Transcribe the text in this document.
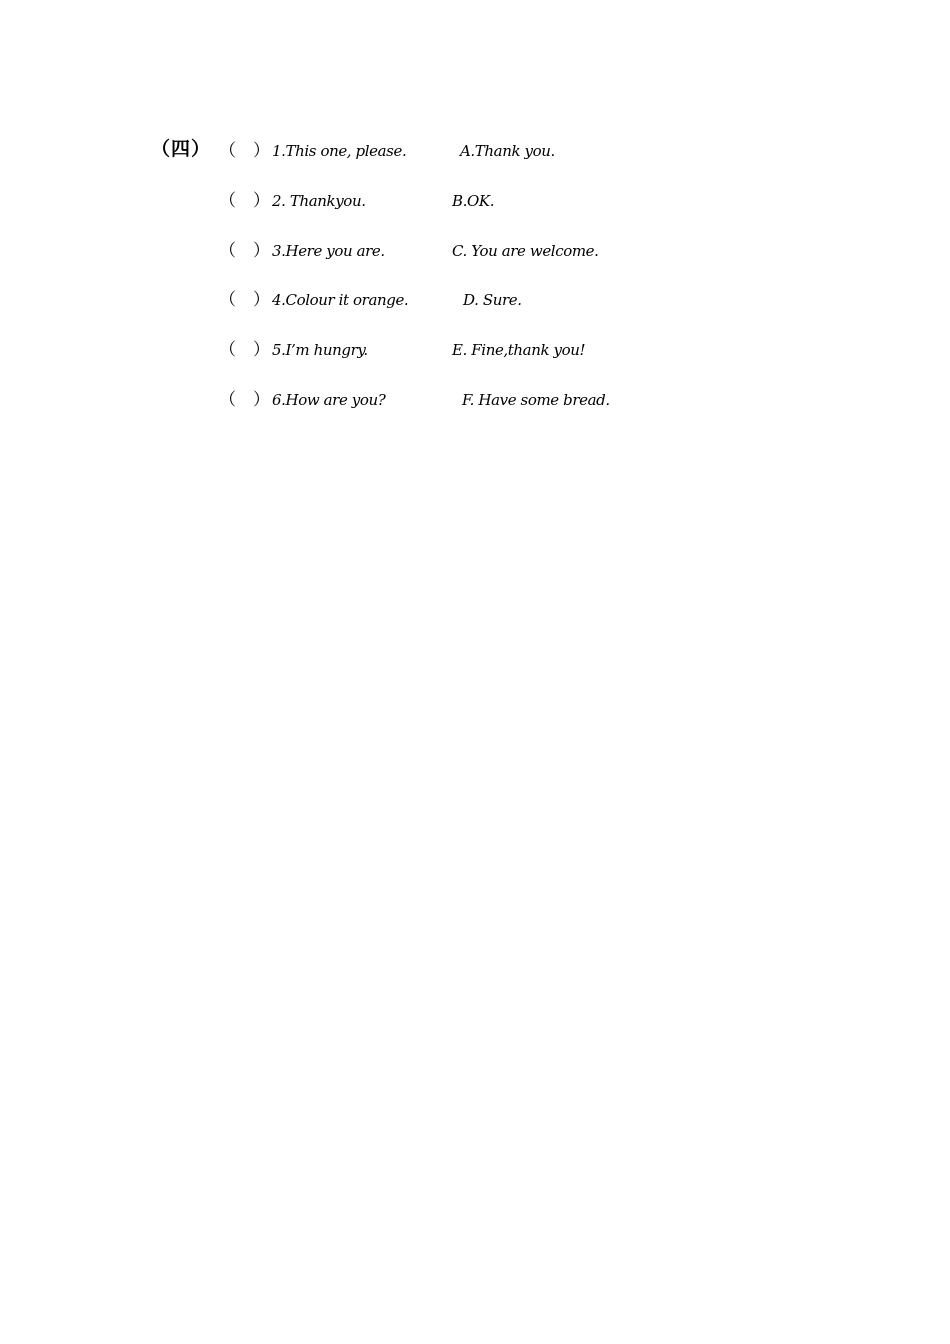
（四） （ ） 1.This one, please.	A.Thank you.
（ ） 2. Thankyou.	B.OK.
（ ） 3.Here you are.	C. You are welcome.
（ ） 4.Colour it orange.	D. Sure.
（ ） 5.I’m hungry.	E. Fine,thank you!
（ ） 6.How are you?	F. Have some bread.
